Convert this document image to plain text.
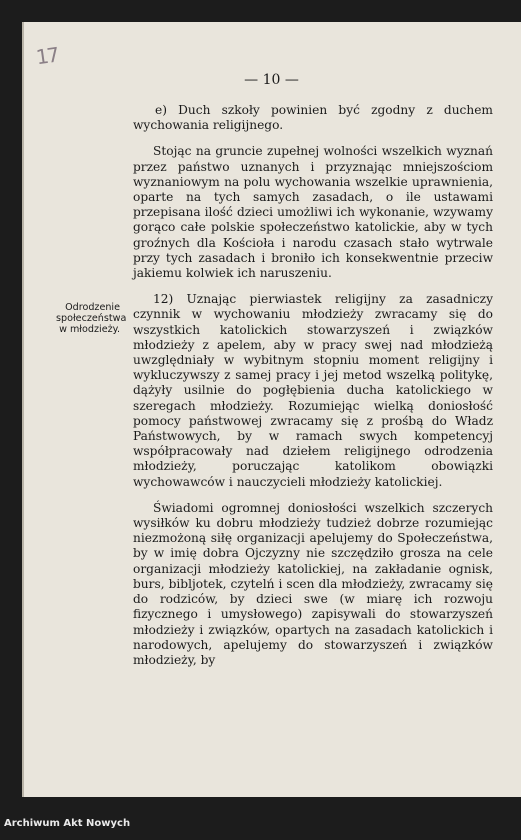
17
— 10 —
Odrodzenie społeczeństwa w młodzieży.

e) Duch szkoły powinien być zgodny z duchem wychowania religijnego.

Stojąc na gruncie zupełnej wolności wszelkich wyznań przez państwo uznanych i przyznając mniejszościom wyznaniowym na polu wychowania wszelkie uprawnienia, oparte na tych samych zasadach, o ile ustawami przepisana ilość dzieci umożliwi ich wykonanie, wzywamy gorąco całe polskie społeczeństwo katolickie, aby w tych groźnych dla Kościoła i narodu czasach stało wytrwale przy tych zasadach i broniło ich konsekwentnie przeciw jakiemu kolwiek ich naruszeniu.

12) Uznając pierwiastek religijny za zasadniczy czynnik w wychowaniu młodzieży zwracamy się do wszystkich katolickich stowarzyszeń i związków młodzieży z apelem, aby w pracy swej nad młodzieżą uwzględniały w wybitnym stopniu moment religijny i wykluczywszy z samej pracy i jej metod wszelką politykę, dążyły usilnie do pogłębienia ducha katolickiego w szeregach młodzieży. Rozumiejąc wielką doniosłość pomocy państwowej zwracamy się z prośbą do Władz Państwowych, by w ramach swych kompetencyj współpracowały nad dziełem religijnego odrodzenia młodzieży, poruczając katolikom obowiązki wychowawców i nauczycieli młodzieży katolickiej.

Świadomi ogromnej doniosłości wszelkich szczerych wysiłków ku dobru młodzieży tudzież dobrze rozumiejąc niezmożoną siłę organizacji apelujemy do Społeczeństwa, by w imię dobra Ojczyzny nie szczędziło grosza na cele organizacji młodzieży katolickiej, na zakładanie ognisk, burs, bibljotek, czytelń i scen dla młodzieży, zwracamy się do rodziców, by dzieci swe (w miarę ich rozwoju fizycznego i umysłowego) zapisywali do stowarzyszeń młodzieży i związków, opartych na zasadach katolickich i narodowych, apelujemy do stowarzyszeń i związków młodzieży, by

Archiwum Akt Nowych
